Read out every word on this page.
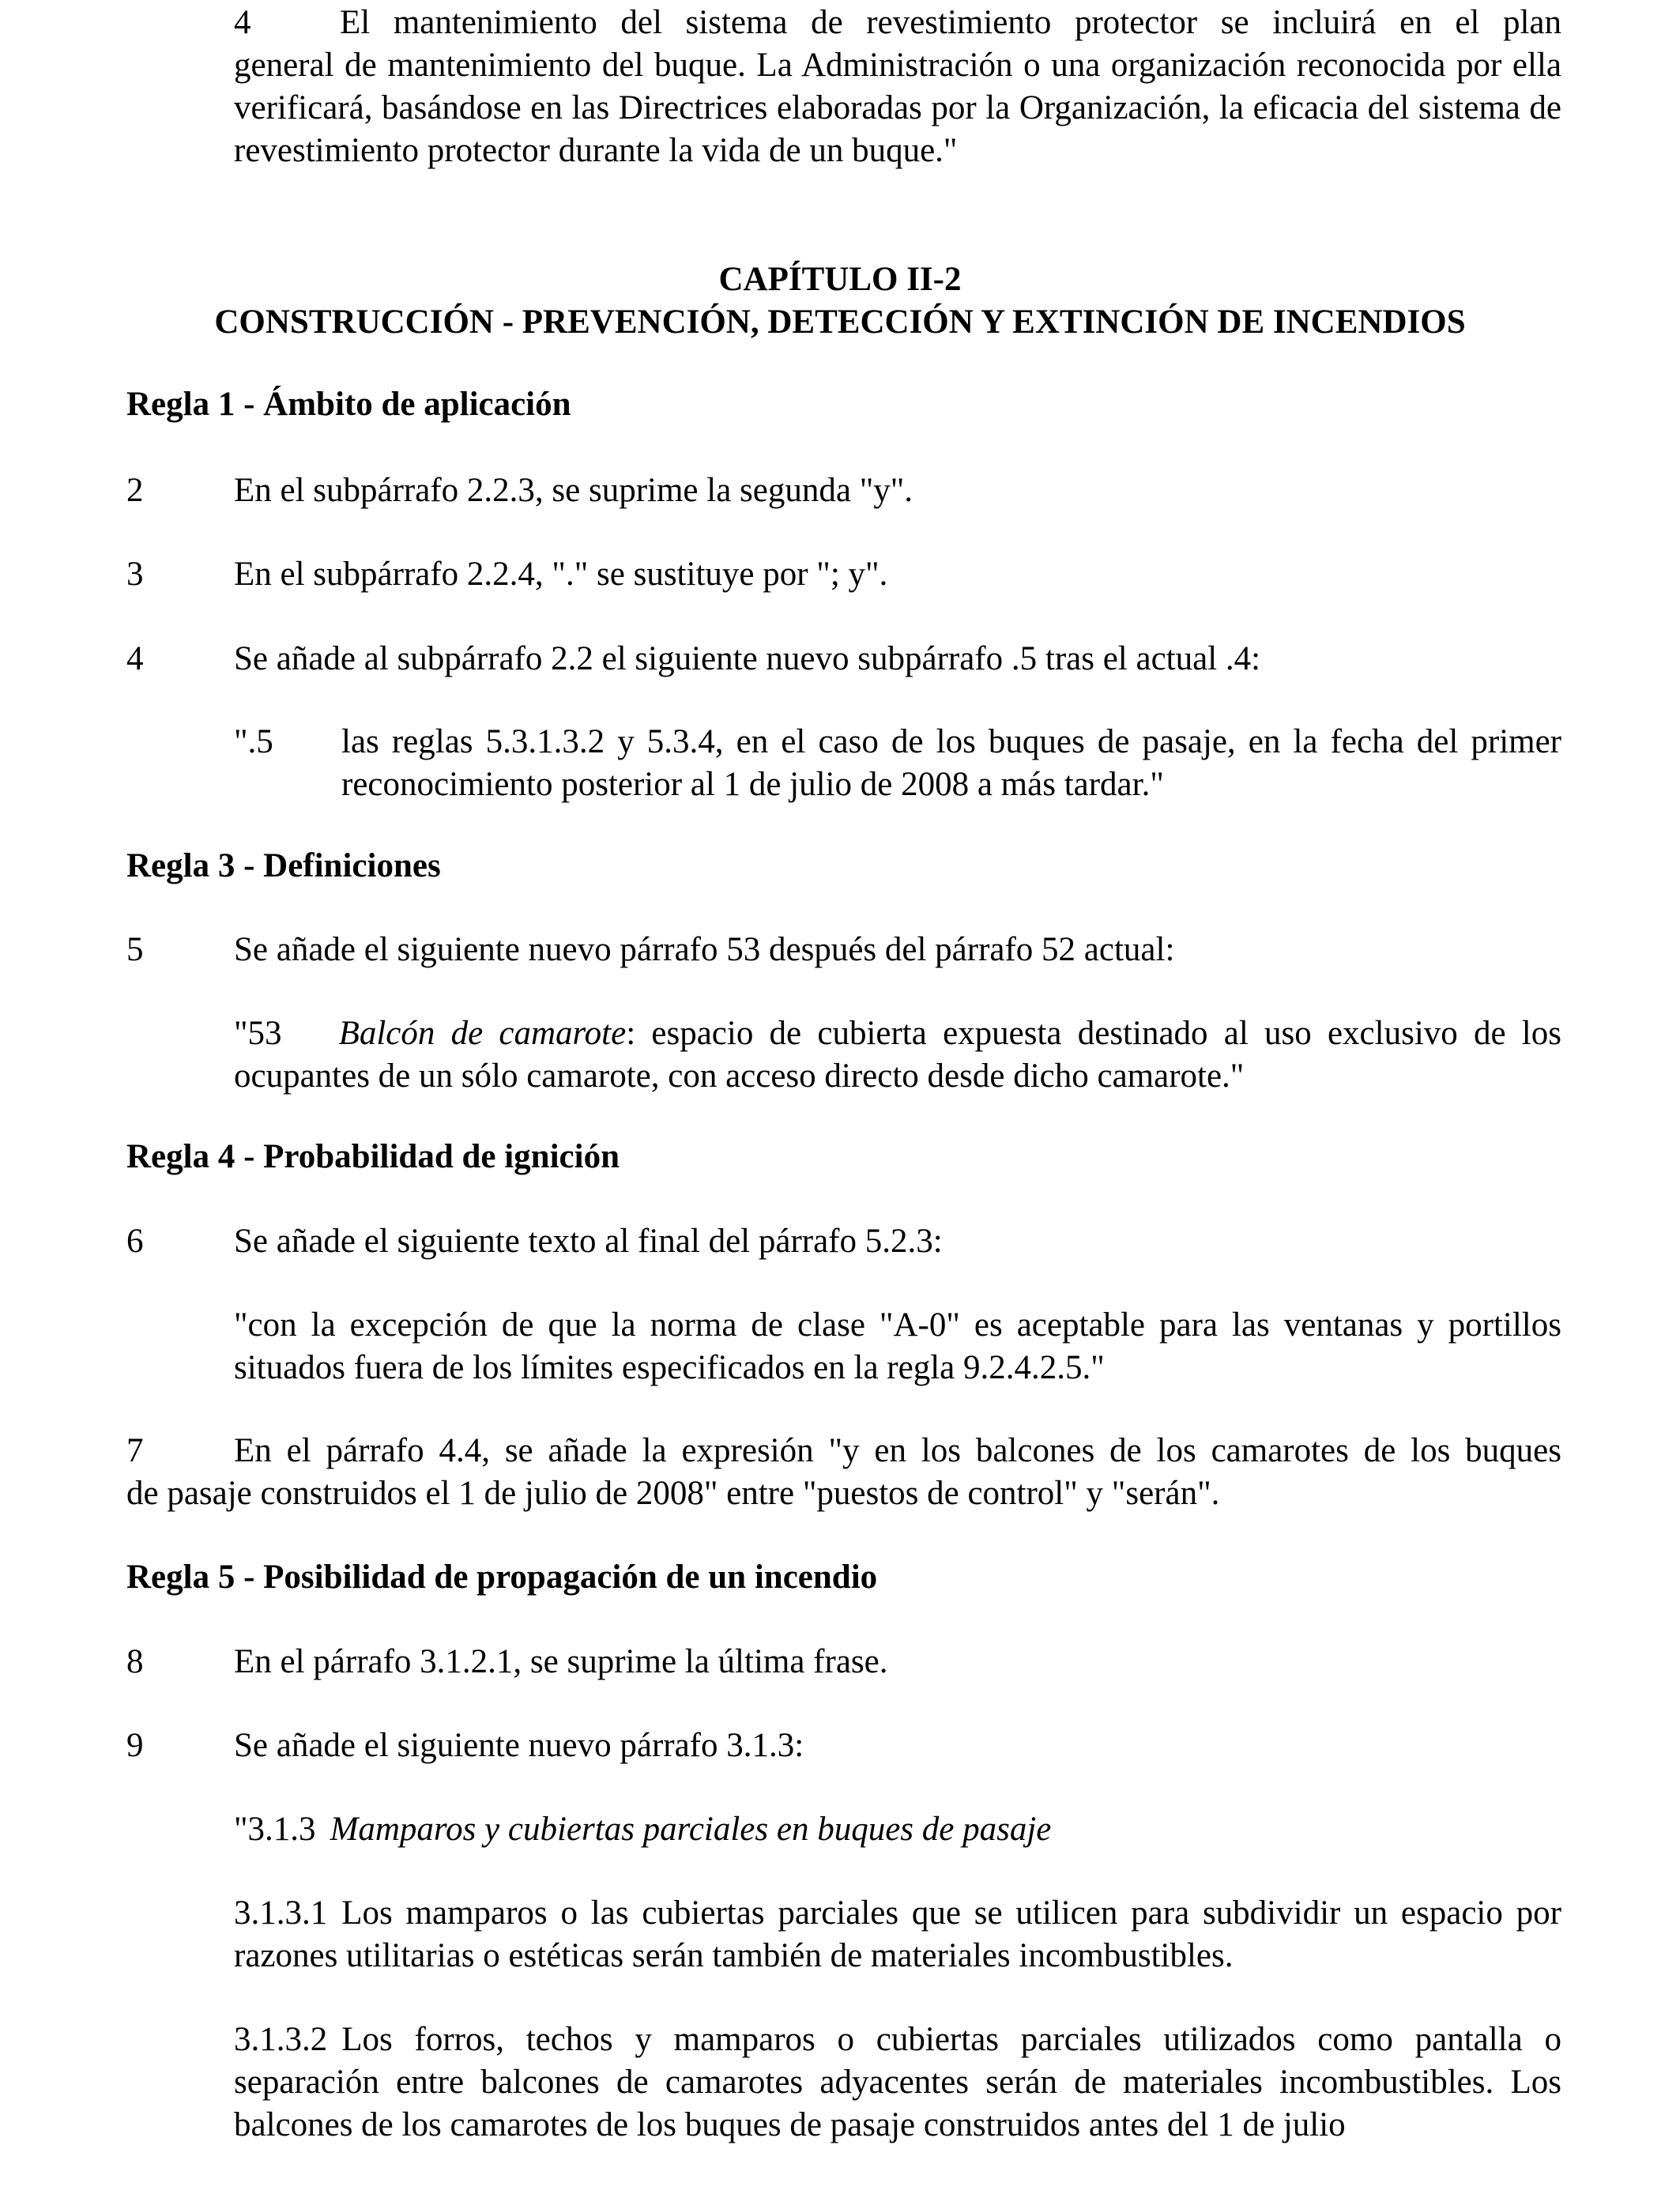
4	El mantenimiento del sistema de revestimiento protector se incluirá en el plan
general de mantenimiento del buque. La Administración o una organización reconocida por ella verificará, basándose en las Directrices elaboradas por la Organización, la eficacia del sistema de revestimiento protector durante la vida de un buque."
CAPÍTULO II-2
CONSTRUCCIÓN - PREVENCIÓN, DETECCIÓN Y EXTINCIÓN DE INCENDIOS
Regla 1 - Ámbito de aplicación
2	En el subpárrafo 2.2.3, se suprime la segunda "y".
3	En el subpárrafo 2.2.4, "." se sustituye por "; y".
4	Se añade al subpárrafo 2.2 el siguiente nuevo subpárrafo .5 tras el actual .4:
".5 las reglas 5.3.1.3.2 y 5.3.4, en el caso de los buques de pasaje, en la fecha del primer reconocimiento posterior al 1 de julio de 2008 a más tardar."
Regla 3 - Definiciones
5	Se añade el siguiente nuevo párrafo 53 después del párrafo 52 actual:
"53 Balcón de camarote: espacio de cubierta expuesta destinado al uso exclusivo de los ocupantes de un sólo camarote, con acceso directo desde dicho camarote."
Regla 4 - Probabilidad de ignición
6	Se añade el siguiente texto al final del párrafo 5.2.3:
"con la excepción de que la norma de clase "A-0" es aceptable para las ventanas y portillos situados fuera de los límites especificados en la regla 9.2.4.2.5."
7	En el párrafo 4.4, se añade la expresión "y en los balcones de los camarotes de los buques
de pasaje construidos el 1 de julio de 2008" entre "puestos de control" y "serán".
Regla 5 - Posibilidad de propagación de un incendio
8	En el párrafo 3.1.2.1, se suprime la última frase.
9	Se añade el siguiente nuevo párrafo 3.1.3:
"3.1.3 Mamparos y cubiertas parciales en buques de pasaje
3.1.3.1 Los mamparos o las cubiertas parciales que se utilicen para subdividir un espacio por razones utilitarias o estéticas serán también de materiales incombustibles.
3.1.3.2 Los forros, techos y mamparos o cubiertas parciales utilizados como pantalla o separación entre balcones de camarotes adyacentes serán de materiales incombustibles. Los balcones de los camarotes de los buques de pasaje construidos antes del 1 de julio
